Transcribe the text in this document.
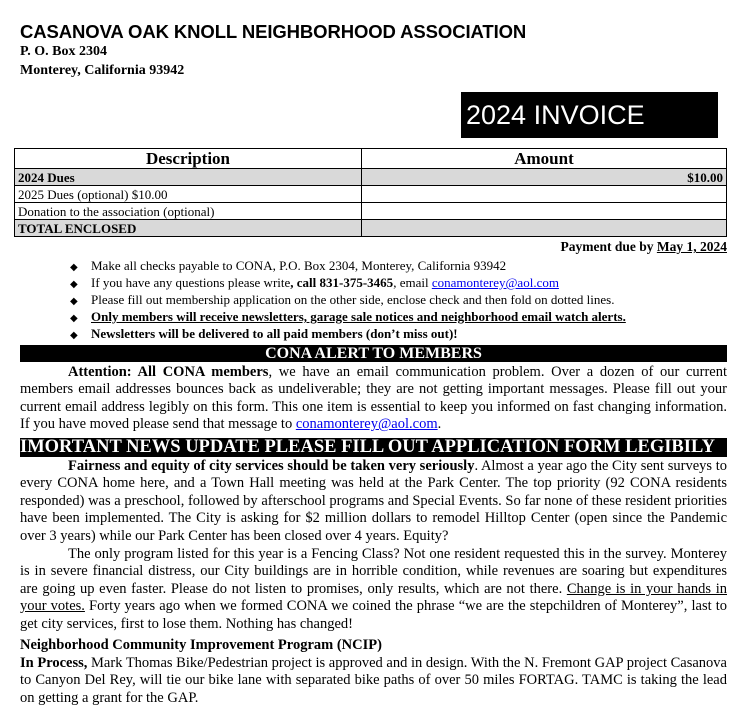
CASANOVA OAK KNOLL NEIGHBORHOOD ASSOCIATION
P. O. Box 2304
Monterey, California 93942
2024 INVOICE
Description	Amount
2024 Dues	$10.00
2025 Dues (optional) $10.00	
Donation to the association (optional)	
TOTAL ENCLOSED	
Payment due by May 1, 2024
◆ Make all checks payable to CONA, P.O. Box 2304, Monterey, California 93942
◆ If you have any questions please write, call 831-375-3465, email conamonterey@aol.com
◆ Please fill out membership application on the other side, enclose check and then fold on dotted lines.
◆ Only members will receive newsletters, garage sale notices and neighborhood email watch alerts.
◆ Newsletters will be delivered to all paid members (don’t miss out)!
CONA ALERT TO MEMBERS
Attention: All CONA members, we have an email communication problem. Over a dozen of our current members email addresses bounces back as undeliverable; they are not getting important messages. Please fill out your current email address legibly on this form. This one item is essential to keep you informed on fast changing information. If you have moved please send that message to conamonterey@aol.com.
IMORTANT NEWS UPDATE PLEASE FILL OUT APPLICATION FORM LEGIBILY
Fairness and equity of city services should be taken very seriously. Almost a year ago the City sent surveys to every CONA home here, and a Town Hall meeting was held at the Park Center. The top priority (92 CONA residents responded) was a preschool, followed by afterschool programs and Special Events. So far none of these resident priorities have been implemented. The City is asking for $2 million dollars to remodel Hilltop Center (open since the Pandemic over 3 years) while our Park Center has been closed over 4 years. Equity?
The only program listed for this year is a Fencing Class? Not one resident requested this in the survey. Monterey is in severe financial distress, our City buildings are in horrible condition, while revenues are soaring but expenditures are going up even faster. Please do not listen to promises, only results, which are not there. Change is in your hands in your votes. Forty years ago when we formed CONA we coined the phrase “we are the stepchildren of Monterey”, last to get city services, first to lose them. Nothing has changed!
Neighborhood Community Improvement Program (NCIP)
In Process, Mark Thomas Bike/Pedestrian project is approved and in design. With the N. Fremont GAP project Casanova to Canyon Del Rey, will tie our bike lane with separated bike paths of over 50 miles FORTAG. TAMC is taking the lead on getting a grant for the GAP.
